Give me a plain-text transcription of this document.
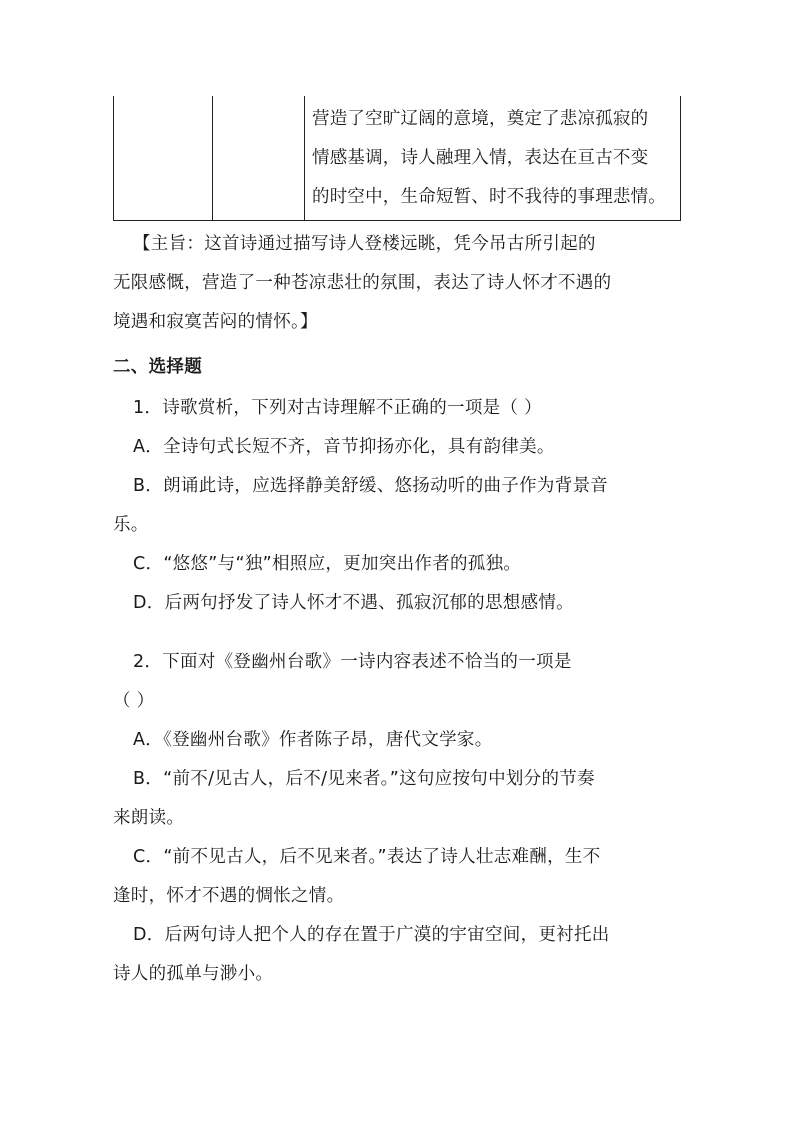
营造了空旷辽阔的意境，奠定了悲凉孤寂的
情感基调，诗人融理入情，表达在亘古不变
的时空中，生命短暂、时不我待的事理悲情。
【主旨：这首诗通过描写诗人登楼远眺，凭今吊古所引起的
无限感慨，营造了一种苍凉悲壮的氛围，表达了诗人怀才不遇的
境遇和寂寞苦闷的情怀。】
二、选择题
1．诗歌赏析，下列对古诗理解不正确的一项是（ ）
A．全诗句式长短不齐，音节抑扬亦化，具有韵律美。
B．朗诵此诗，应选择静美舒缓、悠扬动听的曲子作为背景音
乐。
C．“悠悠”与“独”相照应，更加突出作者的孤独。
D．后两句抒发了诗人怀才不遇、孤寂沉郁的思想感情。
2．下面对《登幽州台歌》一诗内容表述不恰当的一项是
（ ）
A．《登幽州台歌》作者陈子昂，唐代文学家。
B．“前不/见古人，后不/见来者。”这句应按句中划分的节奏
来朗读。
C．“前不见古人，后不见来者。”表达了诗人壮志难酬，生不
逢时，怀才不遇的惆怅之情。
D．后两句诗人把个人的存在置于广漠的宇宙空间，更衬托出
诗人的孤单与渺小。
